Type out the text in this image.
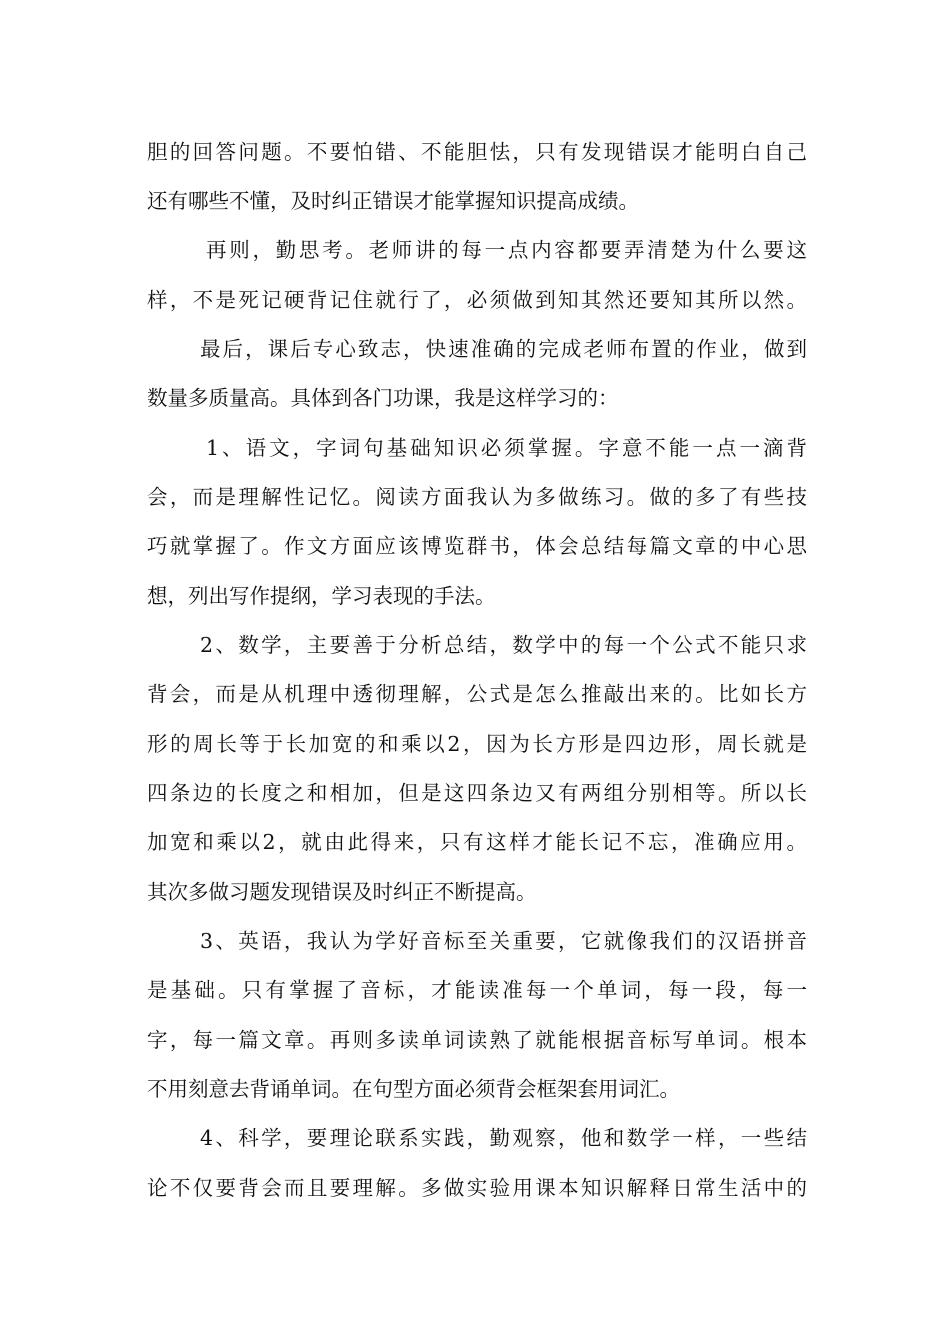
胆的回答问题。不要怕错、不能胆怯，只有发现错误才能明白自己
还有哪些不懂，及时纠正错误才能掌握知识提高成绩。
再则，勤思考。老师讲的每一点内容都要弄清楚为什么要这
样，不是死记硬背记住就行了，必须做到知其然还要知其所以然。
最后，课后专心致志，快速准确的完成老师布置的作业，做到
数量多质量高。具体到各门功课，我是这样学习的：
1、语文，字词句基础知识必须掌握。字意不能一点一滴背
会，而是理解性记忆。阅读方面我认为多做练习。做的多了有些技
巧就掌握了。作文方面应该博览群书，体会总结每篇文章的中心思
想，列出写作提纲，学习表现的手法。
2、数学，主要善于分析总结，数学中的每一个公式不能只求
背会，而是从机理中透彻理解，公式是怎么推敲出来的。比如长方
形的周长等于长加宽的和乘以2，因为长方形是四边形，周长就是
四条边的长度之和相加，但是这四条边又有两组分别相等。所以长
加宽和乘以2，就由此得来，只有这样才能长记不忘，准确应用。
其次多做习题发现错误及时纠正不断提高。
3、英语，我认为学好音标至关重要，它就像我们的汉语拼音
是基础。只有掌握了音标，才能读准每一个单词，每一段，每一
字，每一篇文章。再则多读单词读熟了就能根据音标写单词。根本
不用刻意去背诵单词。在句型方面必须背会框架套用词汇。
4、科学，要理论联系实践，勤观察，他和数学一样，一些结
论不仅要背会而且要理解。多做实验用课本知识解释日常生活中的
